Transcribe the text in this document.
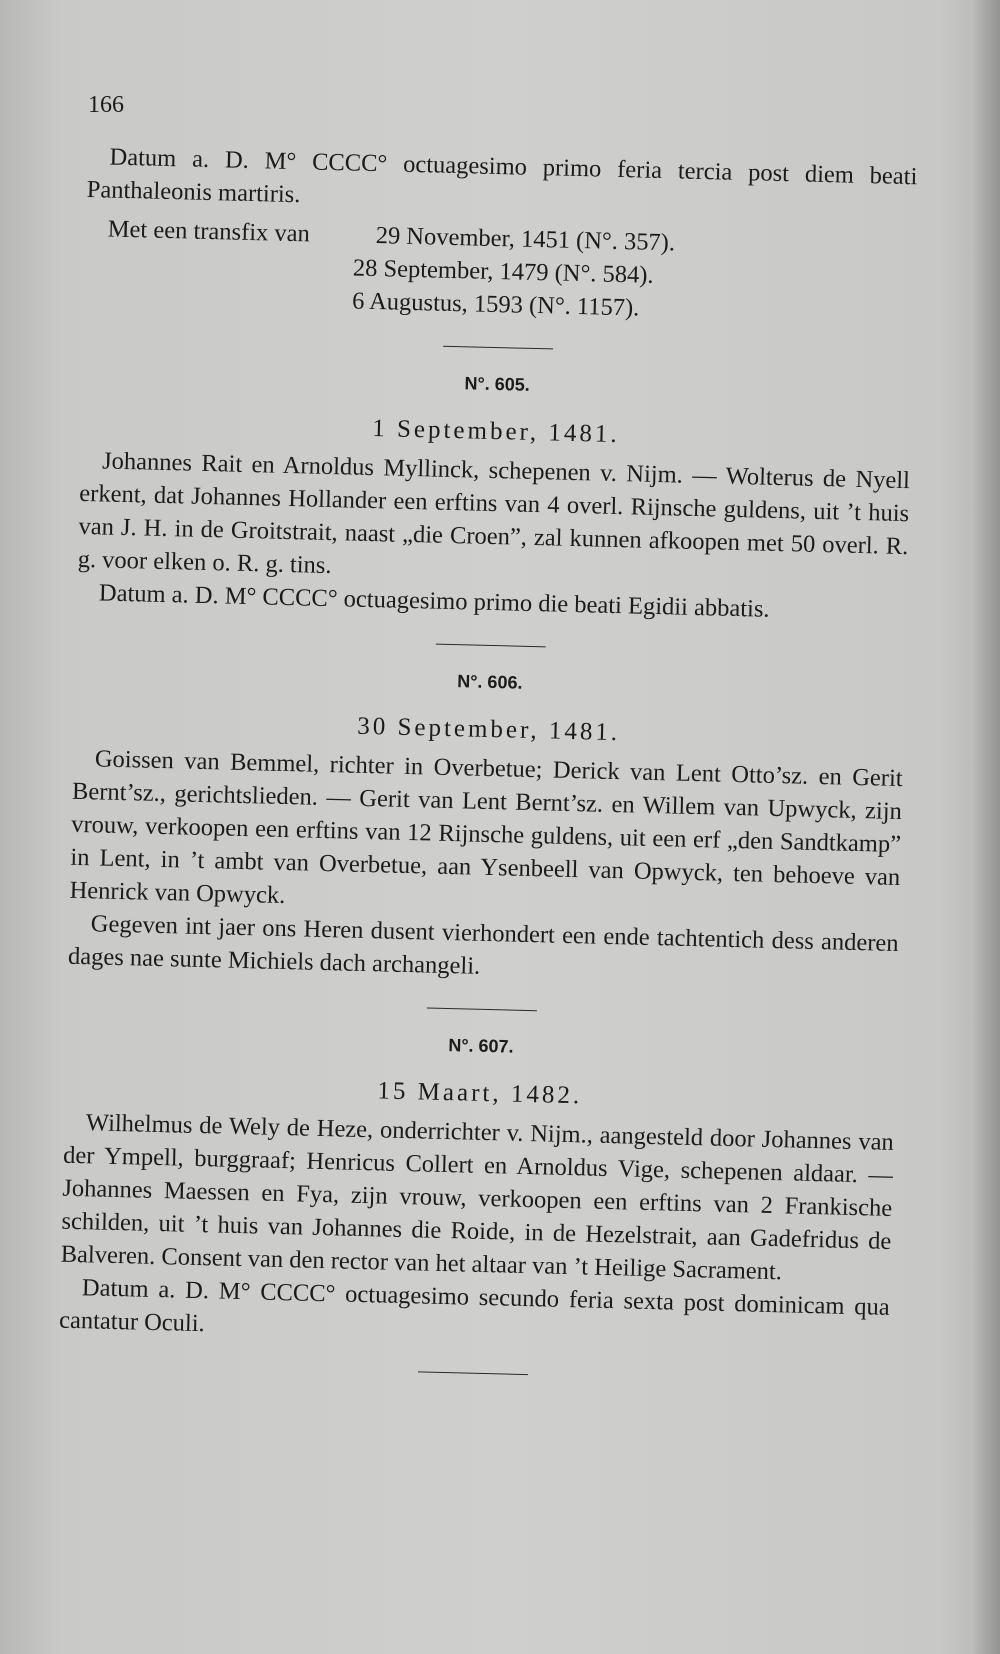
166

Datum a. D. M° CCCC° octuagesimo primo feria tercia post diem beati Panthaleonis martiris.

Met een transfix van	29 November, 1451 (N°. 357).
28 September, 1479 (N°. 584).
6 Augustus, 1593 (N°. 1157).
N°. 605.
1 September, 1481.

Johannes Rait en Arnoldus Myllinck, schepenen v. Nijm. — Wolterus de Nyell erkent, dat Johannes Hollander een erftins van 4 overl. Rijnsche guldens, uit ’t huis van J. H. in de Groitstrait, naast „die Croen”, zal kunnen afkoopen met 50 overl. R. g. voor elken o. R. g. tins.

Datum a. D. M° CCCC° octuagesimo primo die beati Egidii abbatis.

N°. 606.
30 September, 1481.

Goissen van Bemmel, richter in Overbetue; Derick van Lent Otto’sz. en Gerit Bernt’sz., gerichtslieden. — Gerit van Lent Bernt’sz. en Willem van Upwyck, zijn vrouw, verkoopen een erftins van 12 Rijnsche guldens, uit een erf „den Sandtkamp” in Lent, in ’t ambt van Overbetue, aan Ysenbeell van Opwyck, ten behoeve van Henrick van Opwyck.

Gegeven int jaer ons Heren dusent vierhondert een ende tachtentich dess anderen dages nae sunte Michiels dach archangeli.

N°. 607.
15 Maart, 1482.

Wilhelmus de Wely de Heze, onderrichter v. Nijm., aangesteld door Johannes van der Ympell, burggraaf; Henricus Collert en Arnoldus Vige, schepenen aldaar. — Johannes Maessen en Fya, zijn vrouw, verkoopen een erftins van 2 Frankische schilden, uit ’t huis van Johannes die Roide, in de Hezelstrait, aan Gadefridus de Balveren. Consent van den rector van het altaar van ’t Heilige Sacrament.

Datum a. D. M° CCCC° octuagesimo secundo feria sexta post dominicam qua cantatur Oculi.
